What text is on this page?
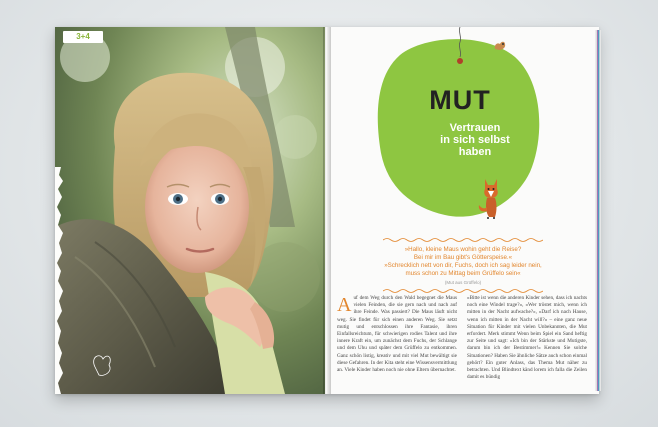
3+4
MUT
Vertrauen
in sich selbst
haben
»Hallo, kleine Maus wohin geht die Reise?
Bei mir im Bau gibt's Götterspeise.«
»Schrecklich nett von dir, Fuchs, doch ich sag leider nein,
muss schon zu Mittag beim Grüffelo sein«
(Mut aus Grüffelo)
Auf dem Weg durch den Wald begegnet die Maus vielen Feinden, die sie gern nach und nach auf ihre Feinde. Was passiert? Die Maus läuft nicht weg. Sie findet für sich einen anderen Weg. Sie setzt mutig und entschlossen ihre Fantasie, ihren Einfallsreichtum, für schwierigen rodies Talent und ihre innere Kraft ein, um zunächst dem Fuchs, der Schlange und dem Uhu und später dem Grüffelo zu entkommen. Ganz schön listig, kreativ und mit viel Mut bewältigt sie diese Gefahren. In der Kita steht eine Wissensvermittlung an. Viele Kinder haben noch nie ohne Eltern übernachtet.
»Bitte ist wenn die anderen Kinder sehen, dass ich nachts noch eine Windel trage?«, »Wer tröstet mich, wenn ich mitten in der Nacht aufwache?«, »Darf ich nach Hause, wenn ich mitten in der Nacht will?« – eine ganz neue Situation für Kinder mit vielen Unbekannten, die Mut erfordert. Merk stimmt Wenn beim Spiel ein Sand heftig zur Seite und sagt: »Ich bin der Stärkste und Mutigste, darum bin ich der Bestimmer!« Kennen Sie solche Situationen? Haben Sie ähnliche Sätze auch schon einmal gehört? Ein guter Anlass, das Thema Mut näher zu betrachten. Und Blindtext känd lorem ich falla die Zeilen damit es bündig
